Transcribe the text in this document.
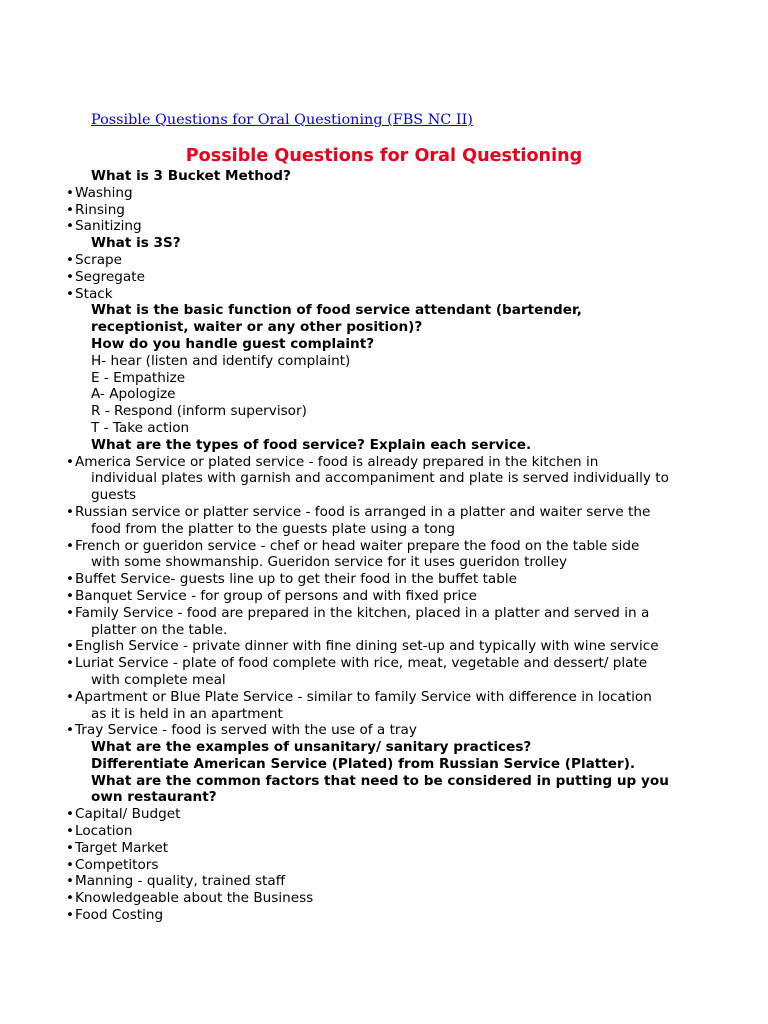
Possible Questions for Oral Questioning (FBS NC II)
Possible Questions for Oral Questioning
What is 3 Bucket Method?
• Washing
• Rinsing
• Sanitizing
What is 3S?
• Scrape
• Segregate
• Stack
What is the basic function of food service attendant (bartender,
receptionist, waiter or any other position)?
How do you handle guest complaint?
H- hear (listen and identify complaint)
E - Empathize
A- Apologize
R - Respond (inform supervisor)
T - Take action
What are the types of food service? Explain each service.
• America Service or plated service - food is already prepared in the kitchen in
individual plates with garnish and accompaniment and plate is served individually to
guests
• Russian service or platter service - food is arranged in a platter and waiter serve the
food from the platter to the guests plate using a tong
• French or gueridon service - chef or head waiter prepare the food on the table side
with some showmanship. Gueridon service for it uses gueridon trolley
• Buffet Service- guests line up to get their food in the buffet table
• Banquet Service - for group of persons and with fixed price
• Family Service - food are prepared in the kitchen, placed in a platter and served in a
platter on the table.
• English Service - private dinner with fine dining set-up and typically with wine service
• Luriat Service - plate of food complete with rice, meat, vegetable and dessert/ plate
with complete meal
• Apartment or Blue Plate Service - similar to family Service with difference in location
as it is held in an apartment
• Tray Service - food is served with the use of a tray
What are the examples of unsanitary/ sanitary practices?
Differentiate American Service (Plated) from Russian Service (Platter).
What are the common factors that need to be considered in putting up you
own restaurant?
• Capital/ Budget
• Location
• Target Market
• Competitors
• Manning - quality, trained staff
• Knowledgeable about the Business
• Food Costing
